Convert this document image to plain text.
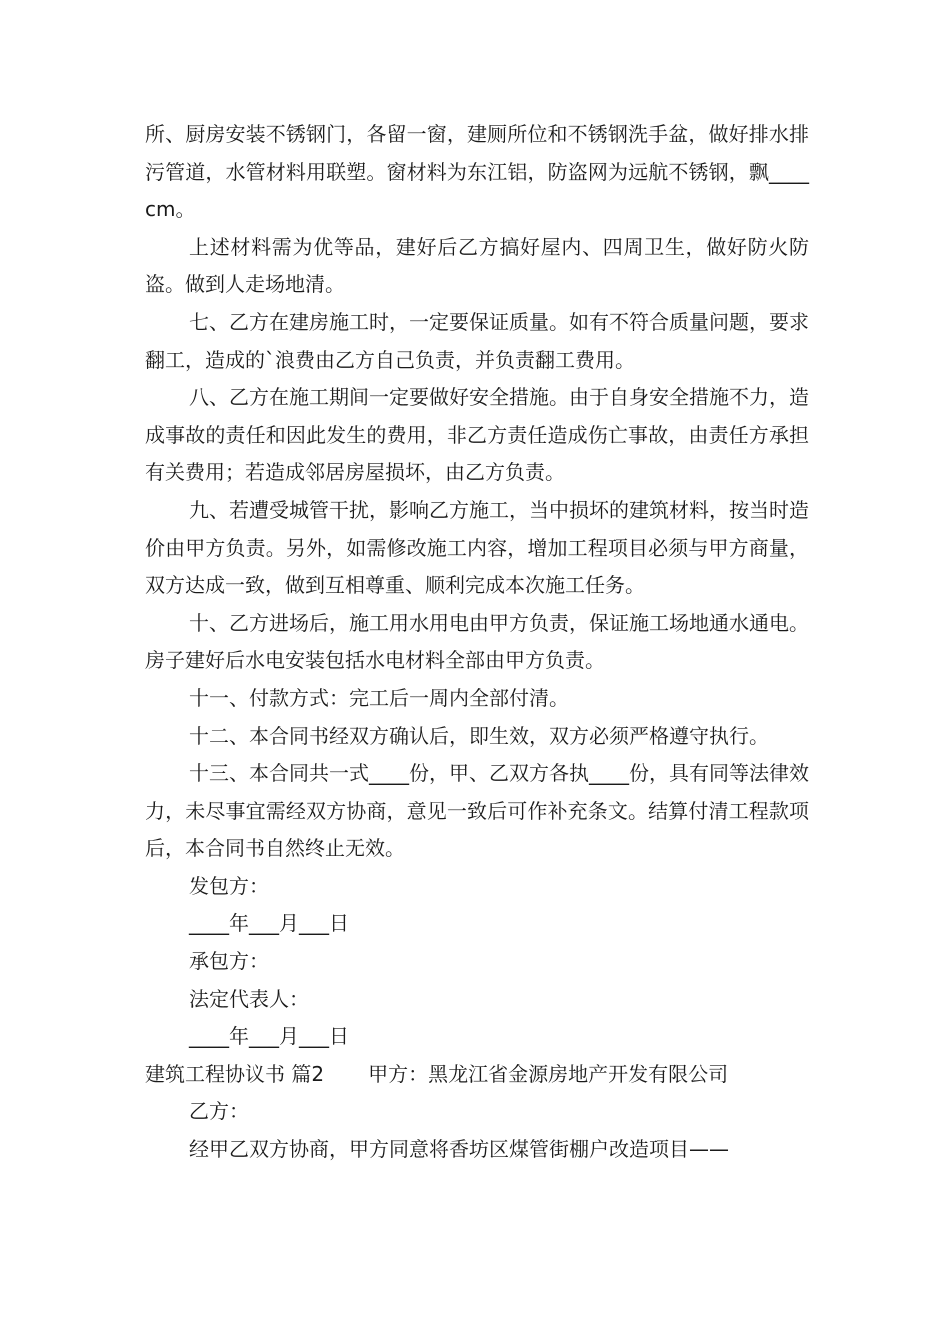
所、厨房安装不锈钢门，各留一窗，建厕所位和不锈钢洗手盆，做好排水排污管道，水管材料用联塑。窗材料为东江铝，防盗网为远航不锈钢，飘____cm。

上述材料需为优等品，建好后乙方搞好屋内、四周卫生，做好防火防盗。做到人走场地清。

七、乙方在建房施工时，一定要保证质量。如有不符合质量问题，要求翻工，造成的`浪费由乙方自己负责，并负责翻工费用。

八、乙方在施工期间一定要做好安全措施。由于自身安全措施不力，造成事故的责任和因此发生的费用，非乙方责任造成伤亡事故，由责任方承担有关费用；若造成邻居房屋损坏，由乙方负责。

九、若遭受城管干扰，影响乙方施工，当中损坏的建筑材料，按当时造价由甲方负责。另外，如需修改施工内容，增加工程项目必须与甲方商量，双方达成一致，做到互相尊重、顺利完成本次施工任务。

十、乙方进场后，施工用水用电由甲方负责，保证施工场地通水通电。房子建好后水电安装包括水电材料全部由甲方负责。

十一、付款方式：完工后一周内全部付清。

十二、本合同书经双方确认后，即生效，双方必须严格遵守执行。

十三、本合同共一式____份，甲、乙双方各执____份，具有同等法律效力，未尽事宜需经双方协商，意见一致后可作补充条文。结算付清工程款项后，本合同书自然终止无效。

发包方：

____年___月___日

承包方：

法定代表人：

____年___月___日

建筑工程协议书 篇2 甲方：黑龙江省金源房地产开发有限公司

乙方：

经甲乙双方协商，甲方同意将香坊区煤管街棚户改造项目——
